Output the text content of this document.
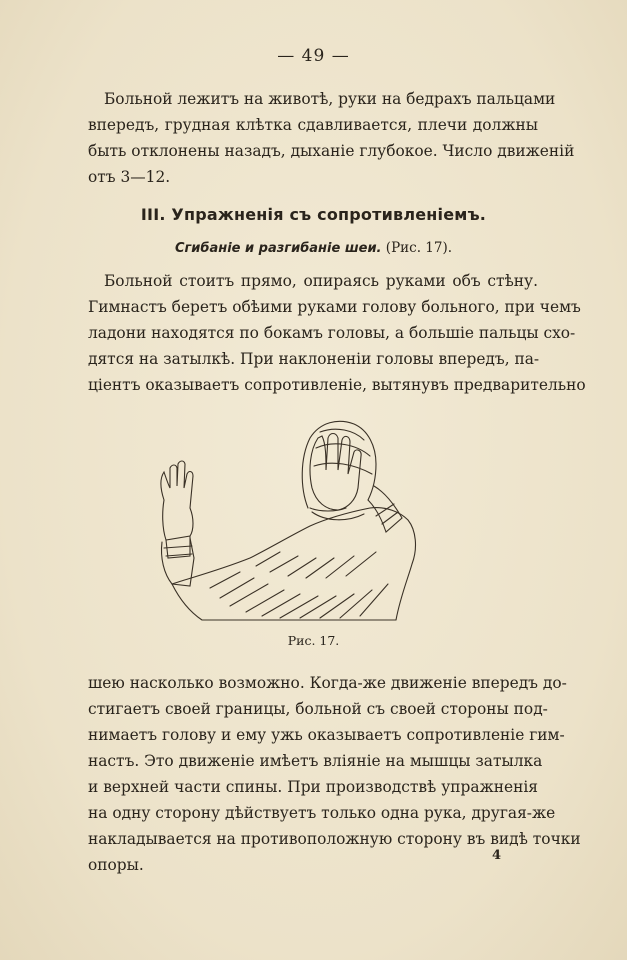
— 49 —
Больной лежитъ на животѣ, руки на бедрахъ пальцами
впередъ, грудная клѣтка сдавливается, плечи должны
быть отклонены назадъ, дыханіе глубокое. Число движеній
отъ 3—12.
III. Упражненія съ сопротивленіемъ.
Сгибаніе и разгибаніе шеи. (Рис. 17).
Больной стоитъ прямо, опираясь руками объ стѣну.
Гимнастъ беретъ обѣими руками голову больного, при чемъ
ладони находятся по бокамъ головы, а большіе пальцы схо-
дятся на затылкѣ. При наклоненіи головы впередъ, па-
ціентъ оказываетъ сопротивленіе, вытянувъ предварительно
Рис. 17.
шею насколько возможно. Когда-же движеніе впередъ до-
стигаетъ своей границы, больной съ своей стороны под-
нимаетъ голову и ему ужь оказываетъ сопротивленіе гим-
настъ. Это движеніе имѣетъ вліяніе на мышцы затылка
и верхней части спины. При производствѣ упражненія
на одну сторону дѣйствуетъ только одна рука, другая-же
накладывается на противоположную сторону въ видѣ точки
опоры.
4
